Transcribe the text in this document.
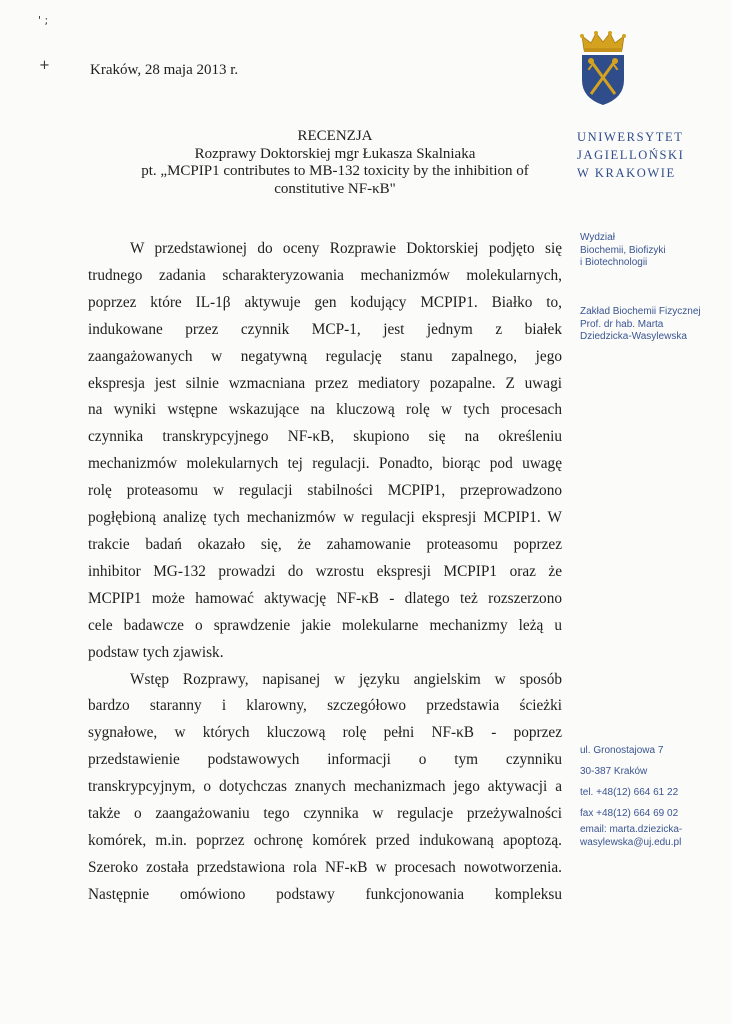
' ;
+	Kraków, 28 maja 2013 r.
UNIWERSYTET
JAGIELLOŃSKI
W KRAKOWIE
RECENZJA
Rozprawy Doktorskiej mgr Łukasza Skalniaka
pt. „MCPIP1 contributes to MB-132 toxicity by the inhibition of
constitutive NF-κB"
W przedstawionej do oceny Rozprawie Doktorskiej podjęto się
trudnego zadania scharakteryzowania mechanizmów molekularnych,
poprzez które IL-1β aktywuje gen kodujący MCPIP1. Białko to,
indukowane przez czynnik MCP-1, jest jednym z białek
zaangażowanych w negatywną regulację stanu zapalnego, jego
ekspresja jest silnie wzmacniana przez mediatory pozapalne. Z uwagi
na wyniki wstępne wskazujące na kluczową rolę w tych procesach
czynnika transkrypcyjnego NF-κB, skupiono się na określeniu
mechanizmów molekularnych tej regulacji. Ponadto, biorąc pod uwagę
rolę proteasomu w regulacji stabilności MCPIP1, przeprowadzono
pogłębioną analizę tych mechanizmów w regulacji ekspresji MCPIP1. W
trakcie badań okazało się, że zahamowanie proteasomu poprzez
inhibitor MG-132 prowadzi do wzrostu ekspresji MCPIP1 oraz że
MCPIP1 może hamować aktywację NF-κB - dlatego też rozszerzono
cele badawcze o sprawdzenie jakie molekularne mechanizmy leżą u
podstaw tych zjawisk.
Wstęp Rozprawy, napisanej w języku angielskim w sposób
bardzo staranny i klarowny, szczegółowo przedstawia ścieżki
sygnałowe, w których kluczową rolę pełni NF-κB - poprzez
przedstawienie podstawowych informacji o tym czynniku
transkrypcyjnym, o dotychczas znanych mechanizmach jego aktywacji a
także o zaangażowaniu tego czynnika w regulacje przeżywalności
komórek, m.in. poprzez ochronę komórek przed indukowaną apoptozą.
Szeroko została przedstawiona rola NF-κB w procesach nowotworzenia.
Następnie omówiono podstawy funkcjonowania kompleksu
Wydział
Biochemii, Biofizyki
i Biotechnologii
Zakład Biochemii Fizycznej
Prof. dr hab. Marta
Dziedzicka-Wasylewska
ul. Gronostajowa 7
30-387 Kraków
tel. +48(12) 664 61 22
fax +48(12) 664 69 02
email: marta.dziezicka-
wasylewska@uj.edu.pl
